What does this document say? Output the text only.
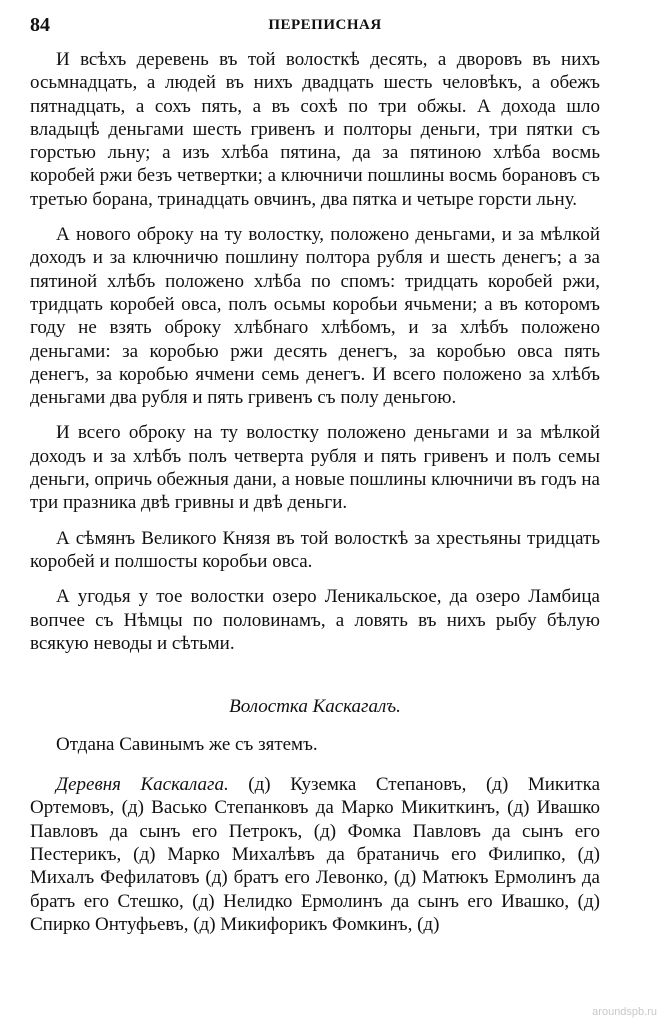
84	ПЕРЕПИСНАЯ

И всѣхъ деревень въ той волосткѣ десять, а дворовъ въ нихъ осьмнадцать, а людей въ нихъ двадцать шесть человѣкъ, а обежъ пятнадцать, а сохъ пять, а въ сохѣ по три обжы. А дохода шло владыцѣ деньгами шесть гривенъ и полторы деньги, три пятки съ горстью льну; а изъ хлѣба пятина, да за пятиною хлѣба восмь коробей ржи безъ четвертки; а ключничи пошлины восмь борановъ съ третью борана, тринадцать овчинъ, два пятка и четыре горсти льну.

А нового оброку на ту волостку, положено деньгами, и за мѣлкой доходъ и за ключничю пошлину полтора рубля и шесть денегъ; а за пятиной хлѣбъ положено хлѣба по спомъ: тридцать коробей ржи, тридцать коробей овса, полъ осьмы коробьи ячьмени; а въ которомъ году не взять оброку хлѣбнаго хлѣбомъ, и за хлѣбъ положено деньгами: за коробью ржи десять денегъ, за коробью овса пять денегъ, за коробью ячмени семь денегъ. И всего положено за хлѣбъ деньгами два рубля и пять гривенъ съ полу деньгою.

И всего оброку на ту волостку положено деньгами и за мѣлкой доходъ и за хлѣбъ полъ четверта рубля и пять гривенъ и полъ семы деньги, опричь обежныя дани, а новые пошлины ключничи въ годъ на три празника двѣ гривны и двѣ деньги.

А сѣмянъ Великого Князя въ той волосткѣ за хрестьяны тридцать коробей и полшосты коробьи овса.

А угодья у тое волостки озеро Леникальское, да озеро Ламбица вопчее съ Нѣмцы по половинамъ, а ловять въ нихъ рыбу бѣлую всякую неводы и сѣтьми.

Волостка Каскагалъ.
Отдана Савинымъ же съ зятемъ.

Деревня Каскалага. (д) Куземка Степановъ, (д) Микитка Ортемовъ, (д) Васько Степанковъ да Марко Микиткинъ, (д) Ивашко Павловъ да сынъ его Петрокъ, (д) Фомка Павловъ да сынъ его Пестерикъ, (д) Марко Михалѣвъ да братаничь его Филипко, (д) Михалъ Фефилатовъ (д) братъ его Левонко, (д) Матюкъ Ермолинъ да братъ его Стешко, (д) Нелидко Ермолинъ да сынъ его Ивашко, (д) Спирко Онтуфьевъ, (д) Микифорикъ Фомкинъ, (д)

aroundspb.ru
